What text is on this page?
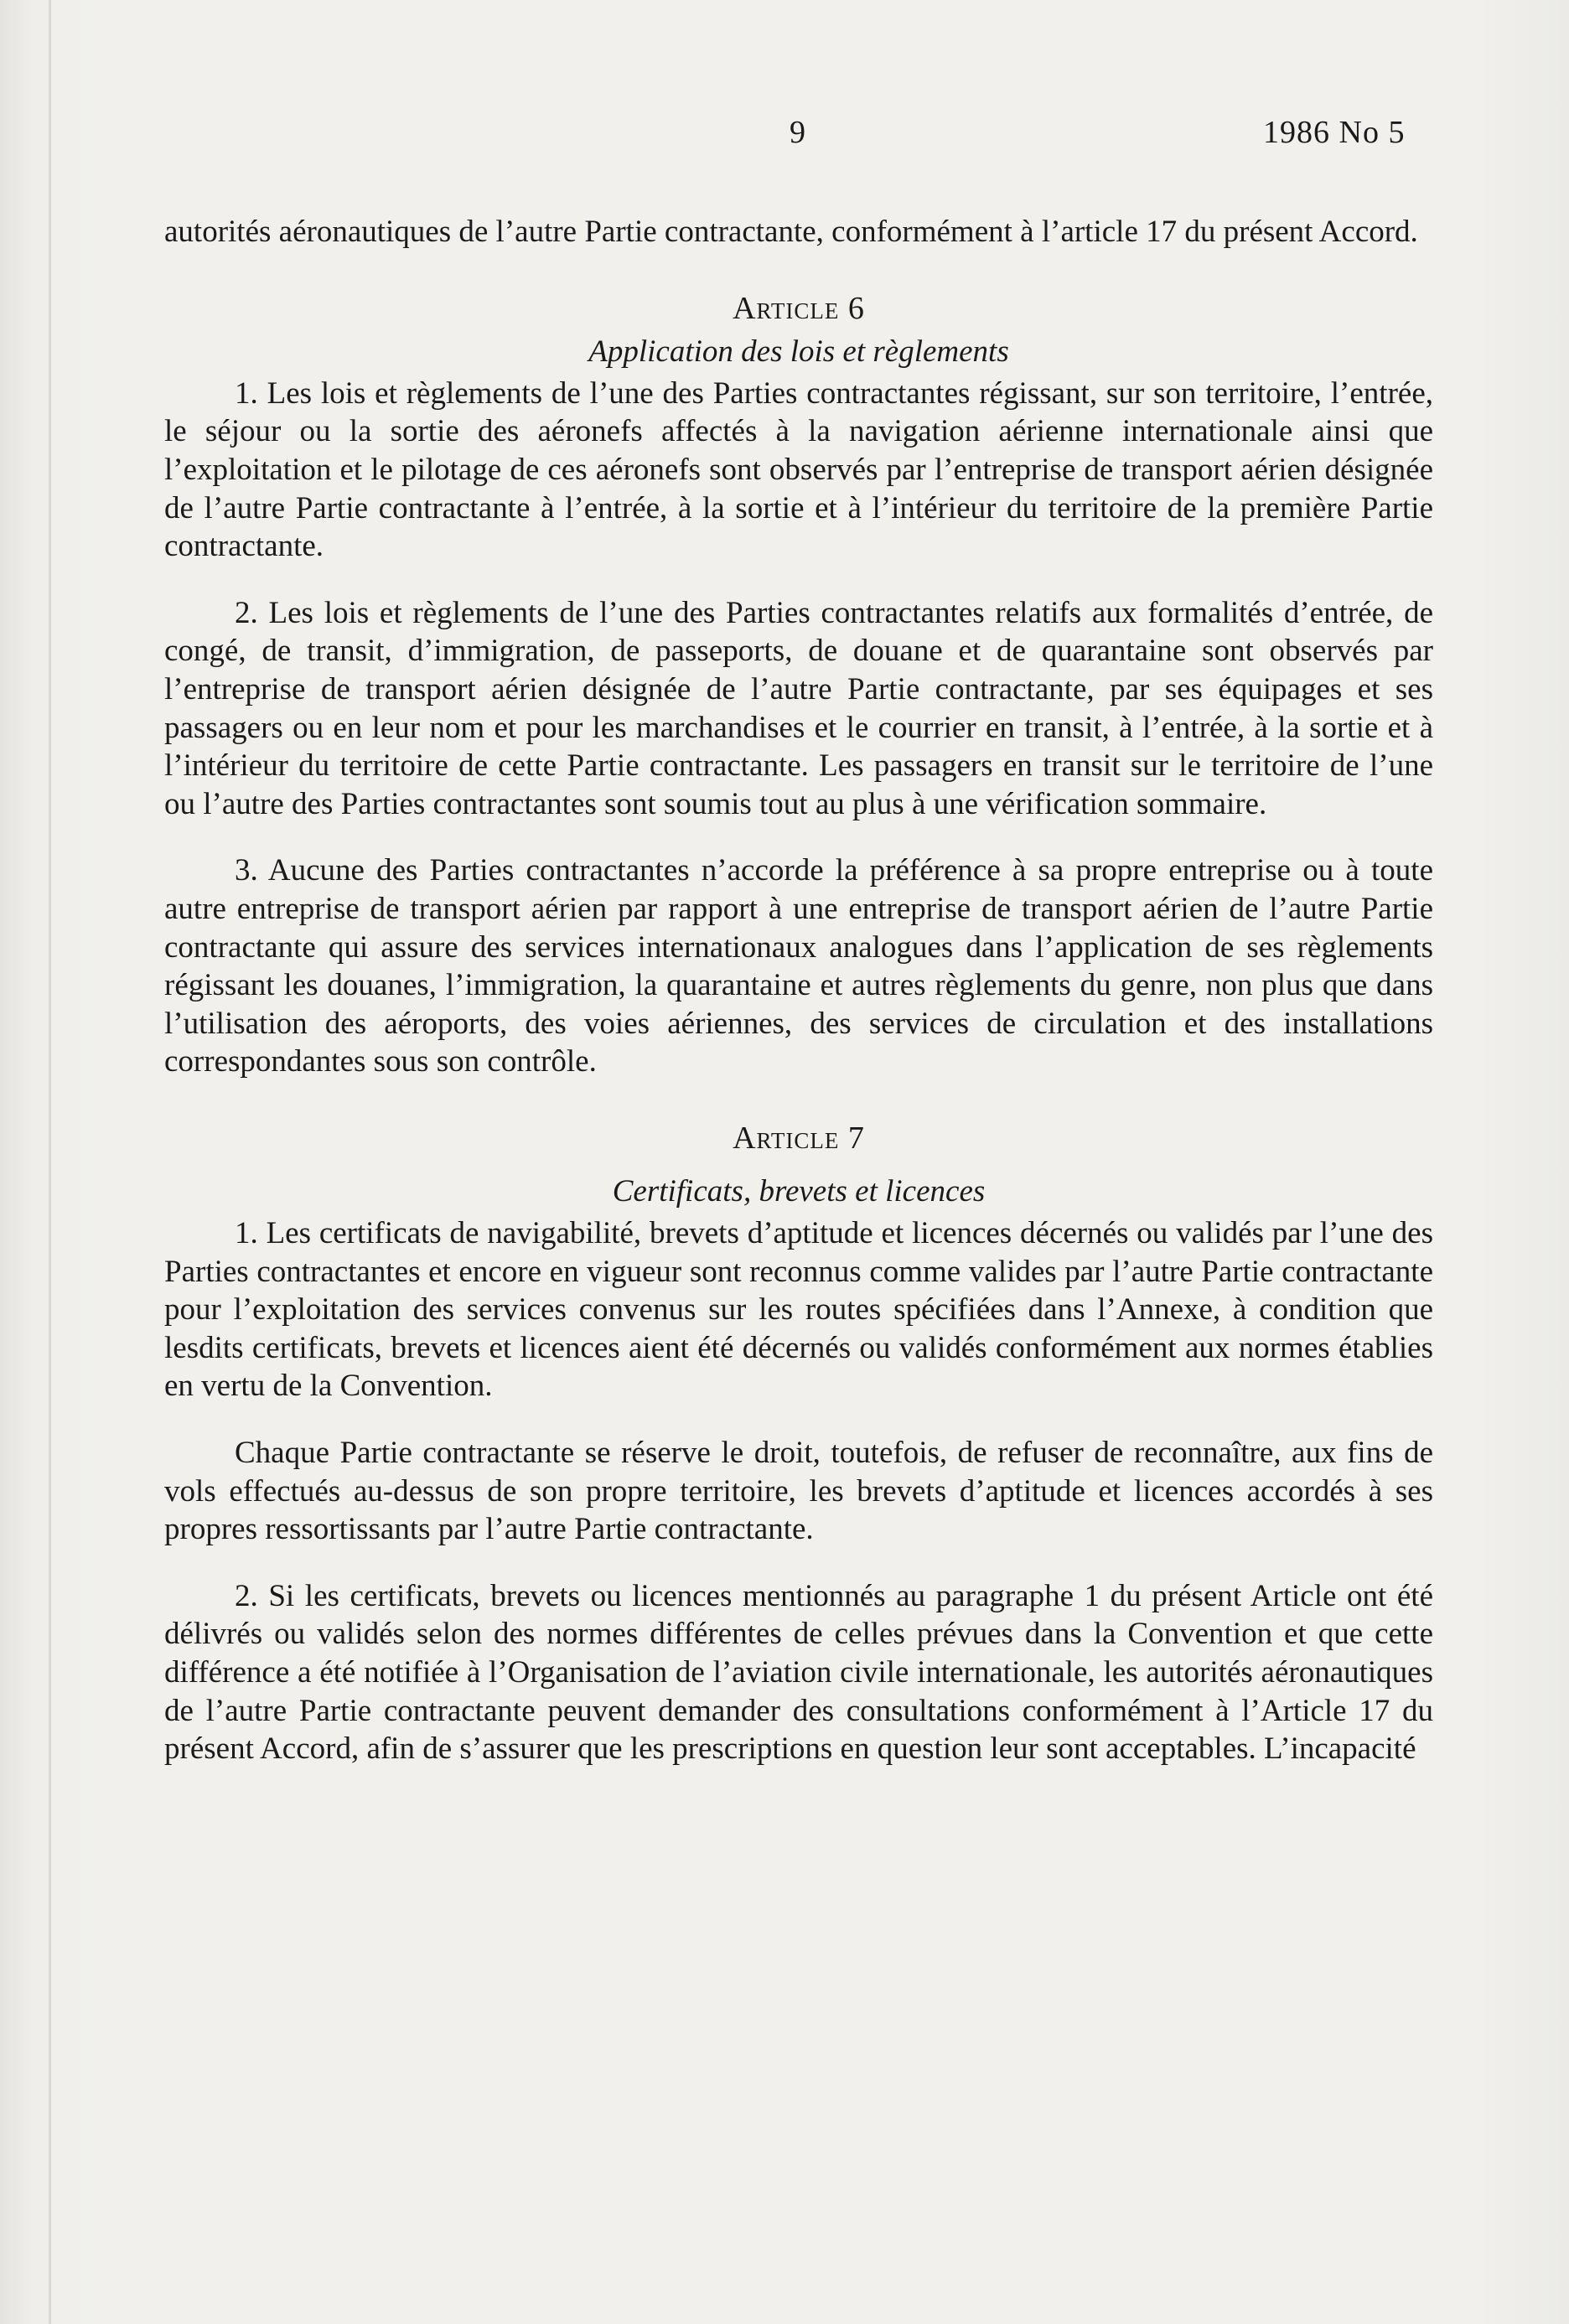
9	1986 No 5

autorités aéronautiques de l’autre Partie contractante, conformément à l’article 17 du présent Accord.

Article 6

Application des lois et règlements

1. Les lois et règlements de l’une des Parties contractantes régissant, sur son territoire, l’entrée, le séjour ou la sortie des aéronefs affectés à la navigation aérienne internationale ainsi que l’exploitation et le pilotage de ces aéronefs sont observés par l’entreprise de transport aérien désignée de l’autre Partie contractante à l’entrée, à la sortie et à l’intérieur du territoire de la première Partie contractante.

2. Les lois et règlements de l’une des Parties contractantes relatifs aux formalités d’entrée, de congé, de transit, d’immigration, de passeports, de douane et de quarantaine sont observés par l’entreprise de transport aérien désignée de l’autre Partie contractante, par ses équipages et ses passagers ou en leur nom et pour les marchandises et le courrier en transit, à l’entrée, à la sortie et à l’intérieur du territoire de cette Partie contractante. Les passagers en transit sur le territoire de l’une ou l’autre des Parties contractantes sont soumis tout au plus à une vérification sommaire.

3. Aucune des Parties contractantes n’accorde la préférence à sa propre entreprise ou à toute autre entreprise de transport aérien par rapport à une entreprise de transport aérien de l’autre Partie contractante qui assure des services internationaux analogues dans l’application de ses règlements régissant les douanes, l’immigration, la quarantaine et autres règlements du genre, non plus que dans l’utilisation des aéroports, des voies aériennes, des services de circulation et des installations correspondantes sous son contrôle.

Article 7

Certificats, brevets et licences

1. Les certificats de navigabilité, brevets d’aptitude et licences décernés ou validés par l’une des Parties contractantes et encore en vigueur sont reconnus comme valides par l’autre Partie contractante pour l’exploitation des services convenus sur les routes spécifiées dans l’Annexe, à condition que lesdits certificats, brevets et licences aient été décernés ou validés conformément aux normes établies en vertu de la Convention.

Chaque Partie contractante se réserve le droit, toutefois, de refuser de reconnaître, aux fins de vols effectués au-dessus de son propre territoire, les brevets d’aptitude et licences accordés à ses propres ressortissants par l’autre Partie contractante.

2. Si les certificats, brevets ou licences mentionnés au paragraphe 1 du présent Article ont été délivrés ou validés selon des normes différentes de celles prévues dans la Convention et que cette différence a été notifiée à l’Organisation de l’aviation civile internationale, les autorités aéronautiques de l’autre Partie contractante peuvent demander des consultations conformément à l’Article 17 du présent Accord, afin de s’assurer que les prescriptions en question leur sont acceptables. L’incapacité
